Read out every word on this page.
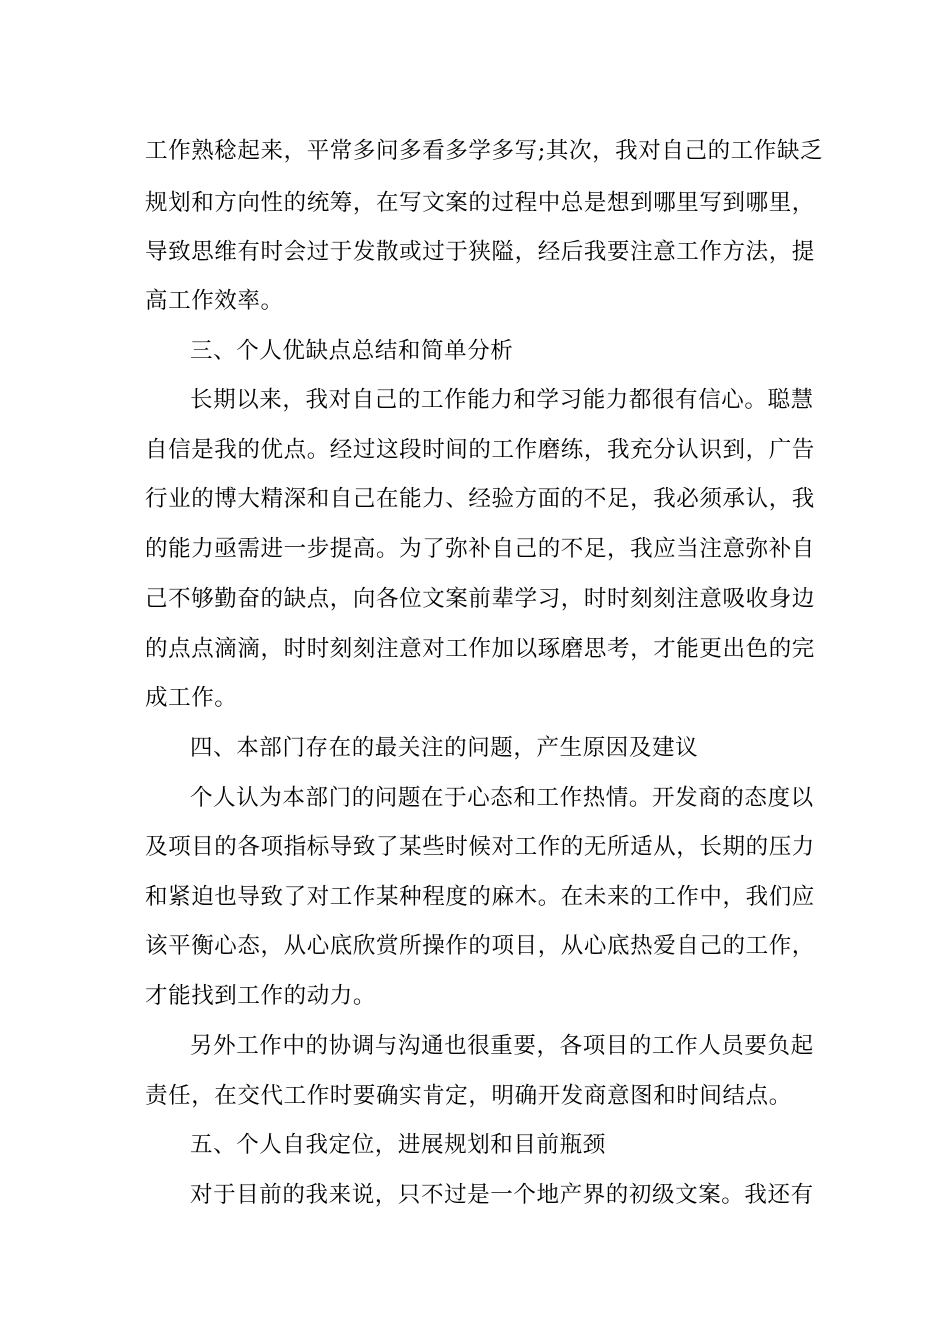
工作熟稔起来，平常多问多看多学多写;其次，我对自己的工作缺乏
规划和方向性的统筹，在写文案的过程中总是想到哪里写到哪里，
导致思维有时会过于发散或过于狭隘，经后我要注意工作方法，提
高工作效率。
三、个人优缺点总结和简单分析
长期以来，我对自己的工作能力和学习能力都很有信心。聪慧
自信是我的优点。经过这段时间的工作磨练，我充分认识到，广告
行业的博大精深和自己在能力、经验方面的不足，我必须承认，我
的能力亟需进一步提高。为了弥补自己的不足，我应当注意弥补自
己不够勤奋的缺点，向各位文案前辈学习，时时刻刻注意吸收身边
的点点滴滴，时时刻刻注意对工作加以琢磨思考，才能更出色的完
成工作。
四、本部门存在的最关注的问题，产生原因及建议
个人认为本部门的问题在于心态和工作热情。开发商的态度以
及项目的各项指标导致了某些时候对工作的无所适从，长期的压力
和紧迫也导致了对工作某种程度的麻木。在未来的工作中，我们应
该平衡心态，从心底欣赏所操作的项目，从心底热爱自己的工作，
才能找到工作的动力。
另外工作中的协调与沟通也很重要，各项目的工作人员要负起
责任，在交代工作时要确实肯定，明确开发商意图和时间结点。
五、个人自我定位，进展规划和目前瓶颈
对于目前的我来说，只不过是一个地产界的初级文案。我还有
